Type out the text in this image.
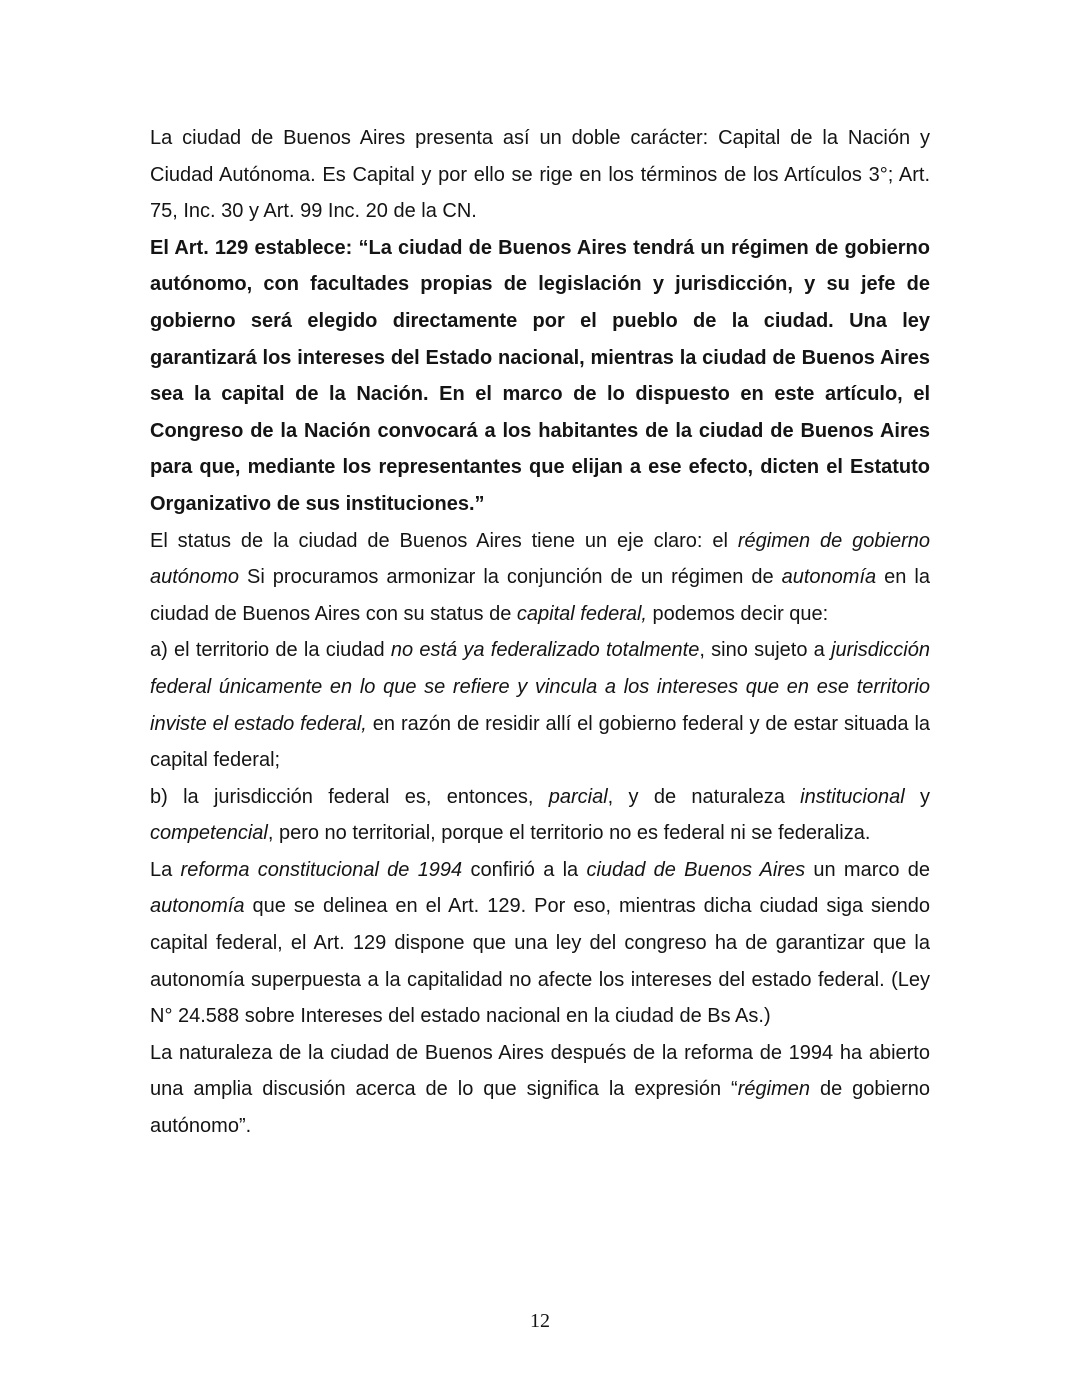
La ciudad de Buenos Aires presenta así un doble carácter: Capital de la Nación y Ciudad Autónoma. Es Capital y por ello se rige en los términos de los Artículos 3°; Art. 75, Inc. 30 y Art. 99 Inc. 20 de la CN.

El Art. 129 establece: “La ciudad de Buenos Aires tendrá un régimen de gobierno autónomo, con facultades propias de legislación y jurisdicción, y su jefe de gobierno será elegido directamente por el pueblo de la ciudad. Una ley garantizará los intereses del Estado nacional, mientras la ciudad de Buenos Aires sea la capital de la Nación. En el marco de lo dispuesto en este artículo, el Congreso de la Nación convocará a los habitantes de la ciudad de Buenos Aires para que, mediante los representantes que elijan a ese efecto, dicten el Estatuto Organizativo de sus instituciones.”

El status de la ciudad de Buenos Aires tiene un eje claro: el régimen de gobierno autónomo Si procuramos armonizar la conjunción de un régimen de autonomía en la ciudad de Buenos Aires con su status de capital federal, podemos decir que:

a) el territorio de la ciudad no está ya federalizado totalmente, sino sujeto a jurisdicción federal únicamente en lo que se refiere y vincula a los intereses que en ese territorio inviste el estado federal, en razón de residir allí el gobierno federal y de estar situada la capital federal;

b) la jurisdicción federal es, entonces, parcial, y de naturaleza institucional y competencial, pero no territorial, porque el territorio no es federal ni se federaliza.

La reforma constitucional de 1994 confirió a la ciudad de Buenos Aires un marco de autonomía que se delinea en el Art. 129. Por eso, mientras dicha ciudad siga siendo capital federal, el Art. 129 dispone que una ley del congreso ha de garantizar que la autonomía superpuesta a la capitalidad no afecte los intereses del estado federal. (Ley N° 24.588 sobre Intereses del estado nacional en la ciudad de Bs As.)

La naturaleza de la ciudad de Buenos Aires después de la reforma de 1994 ha abierto una amplia discusión acerca de lo que significa la expresión “régimen de gobierno autónomo”.

12
